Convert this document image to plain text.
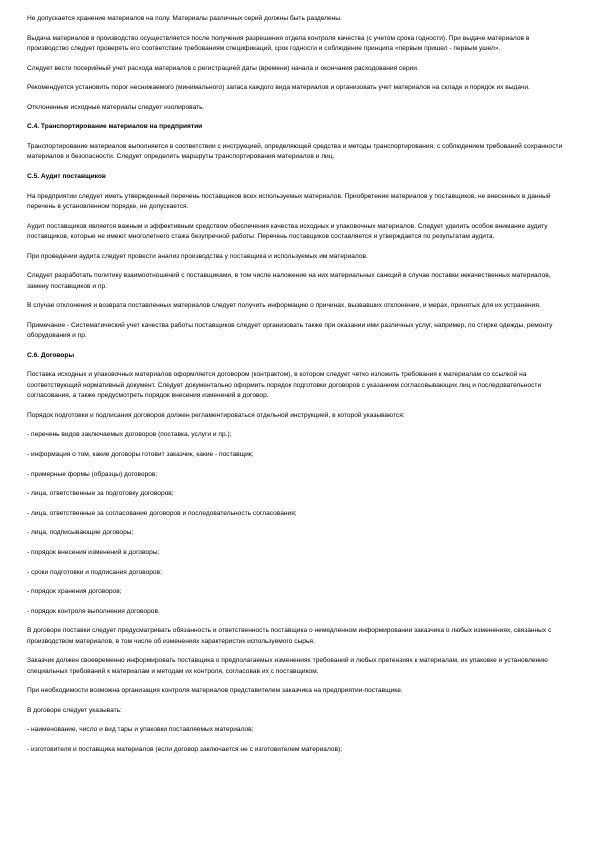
Не допускается хранение материалов на полу. Материалы различных серий должны быть разделены.

Выдача материалов в производство осуществляется после получения разрешения отдела контроля качества (с учетом срока годности). При выдаче материалов в производство следует проверять его соответствие требованиям спецификаций, срок годности и соблюдение принципа «первым пришел - первым ушел».

Следует вести посерийный учет расхода материалов с регистрацией даты (времени) начала и окончания расходования серии.

Рекомендуется установить порог неснижаемого (минимального) запаса каждого вида материалов и организовать учет материалов на складе и порядок их выдачи.

Отклоненные исходные материалы следует изолировать.

С.4. Транспортирование материалов на предприятии

Транспортирование материалов выполняется в соответствии с инструкцией, определяющей средства и методы транспортирования, с соблюдением требований сохранности материалов и безопасности. Следует определить маршруты транспортирования материалов и лиц.

С.5. Аудит поставщиков

На предприятии следует иметь утвержденный перечень поставщиков всех используемых материалов. Приобретение материалов у поставщиков, не внесенных в данный перечень в установленном порядке, не допускается.

Аудит поставщиков является важным и эффективным средством обеспечения качества исходных и упаковочных материалов. Следует уделить особое внимание аудиту поставщиков, которые не имеют многолетнего стажа безупречной работы. Перечень поставщиков составляется и утверждается по результатам аудита.

При проведении аудита следует провести анализ производства у поставщика и используемых им материалов.

Следует разработать политику взаимоотношений с поставщиками, в том числе наложение на них материальных санкций в случае поставки некачественных материалов, замену поставщиков и пр.

В случае отклонения и возврата поставленных материалов следует получить информацию о причинах, вызвавших отклонение, и мерах, принятых для их устранения.

Примечание - Систематический учет качества работы поставщиков следует организовать также при оказании ими различных услуг, например, по стирке одежды, ремонту оборудования и пр.

С.6. Договоры

Поставка исходных и упаковочных материалов оформляется договором (контрактом), в котором следует четко изложить требования к материалам со ссылкой на соответствующий нормативный документ. Следует документально оформить порядок подготовки договоров с указанием согласовывающих лиц и последовательности согласования, а также предусмотреть порядок внесения изменений в договор.

Порядок подготовки и подписания договоров должен регламентироваться отдельной инструкцией, в которой указываются:

- перечень видов заключаемых договоров (поставка, услуги и пр.);

- информация о том, какие договоры готовит заказчик, какие - поставщик;

- примерные формы (образцы) договоров;

- лица, ответственные за подготовку договоров;

- лица, ответственные за согласование договоров и последовательность согласования;

- лица, подписывающие договоры;

- порядок внесения изменений в договоры;

- сроки подготовки и подписания договоров;

- порядок хранения договоров;

- порядок контроля выполнения договоров.

В договоре поставки следует предусматривать обязанность и ответственность поставщика о немедленном информировании заказчика о любых изменениях, связанных с производством материалов, в том числе об изменениях характеристик используемого сырья.

Заказчик должен своевременно информировать поставщика о предполагаемых изменениях требований и любых претензиях к материалам, их упаковке и установлению специальных требований к материалам и методам их контроля, согласовав их с поставщиком.

При необходимости возможна организация контроля материалов представителем заказчика на предприятии-поставщике.

В договоре следует указывать:

- наименование, число и вид тары и упаковки поставляемых материалов;

- изготовителя и поставщика материалов (если договор заключается не с изготовителем материалов);
